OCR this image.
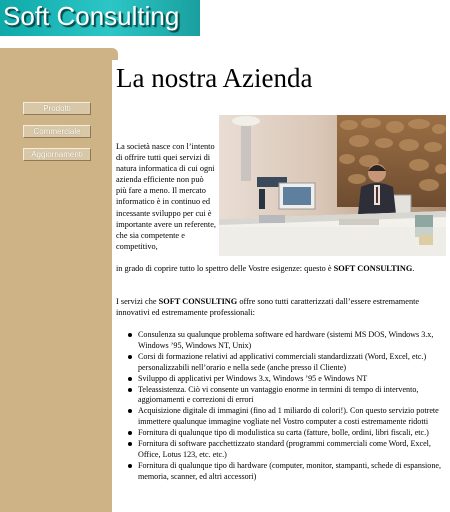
Soft Consulting
Prodotti
Commerciale
Aggiornamenti
La nostra Azienda
La società nasce con l’intento di offrire tutti quei servizi di natura informatica di cui ogni azienda efficiente non può più fare a meno. Il mercato informatico è in continuo ed incessante sviluppo per cui è importante avere un referente, che sia competente e competitivo,
in grado di coprire tutto lo spettro delle Vostre esigenze: questo è SOFT CONSULTING.
I servizi che SOFT CONSULTING offre sono tutti caratterizzati dall’essere estremamente innovativi ed estremamente professionali:
Consulenza su qualunque problema software ed hardware (sistemi MS DOS, Windows 3.x, Windows ’95, Windows NT, Unix)
Corsi di formazione relativi ad applicativi commerciali standardizzati (Word, Excel, etc.) personalizzabili nell’orario e nella sede (anche presso il Cliente)
Sviluppo di applicativi per Windows 3.x, Windows ’95 e Windows NT
Teleassistenza. Ciò vi consente un vantaggio enorme in termini di tempo di intervento, aggiornamenti e correzioni di errori
Acquisizione digitale di immagini (fino ad 1 miliardo di colori!). Con questo servizio potrete immettere qualunque immagine vogliate nel Vostro computer a costi estremamente ridotti
Fornitura di qualunque tipo di modulistica su carta (fatture, bolle, ordini, libri fiscali, etc.)
Fornitura di software pacchettizzato standard (programmi commerciali come Word, Excel, Office, Lotus 123, etc. etc.)
Fornitura di qualunque tipo di hardware (computer, monitor, stampanti, schede di espansione, memoria, scanner, ed altri accessori)
